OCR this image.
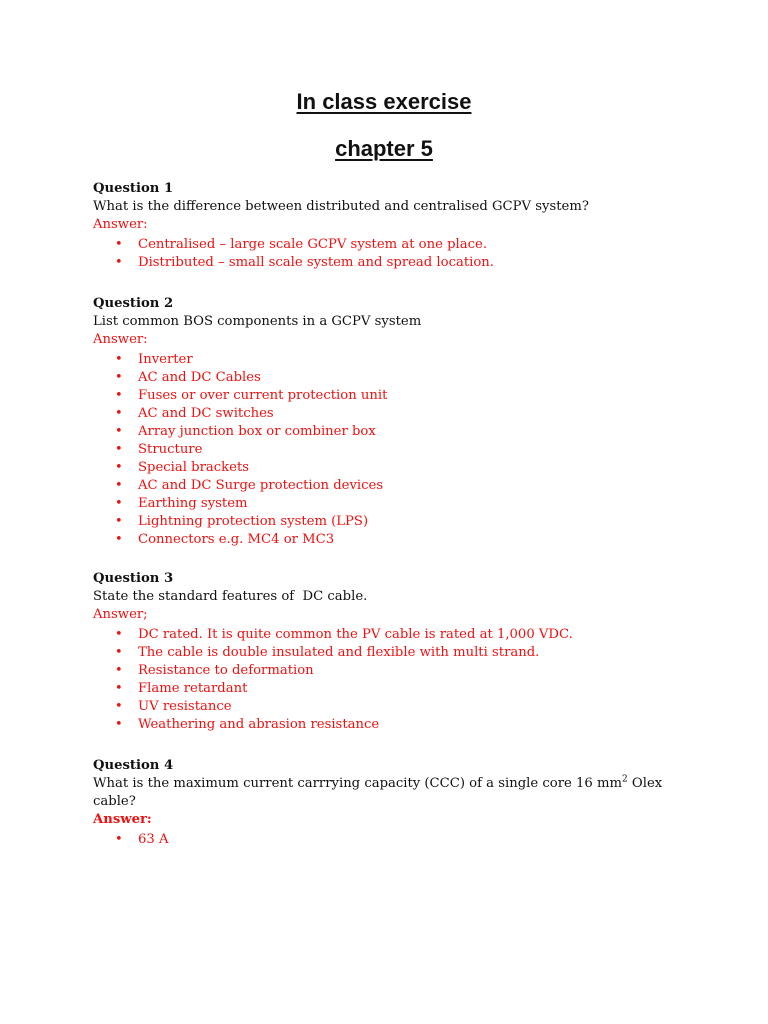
In class exercise
chapter 5
Question 1
What is the difference between distributed and centralised GCPV system?
Answer:
• Centralised – large scale GCPV system at one place.
• Distributed – small scale system and spread location.
Question 2
List common BOS components in a GCPV system
Answer:
• Inverter
• AC and DC Cables
• Fuses or over current protection unit
• AC and DC switches
• Array junction box or combiner box
• Structure
• Special brackets
• AC and DC Surge protection devices
• Earthing system
• Lightning protection system (LPS)
• Connectors e.g. MC4 or MC3
Question 3
State the standard features of  DC cable.
Answer;
• DC rated. It is quite common the PV cable is rated at 1,000 VDC.
• The cable is double insulated and flexible with multi strand.
• Resistance to deformation
• Flame retardant
• UV resistance
• Weathering and abrasion resistance
Question 4
What is the maximum current carrrying capacity (CCC) of a single core 16 $mm^2$ Olex
cable?
Answer:
• 63 A
